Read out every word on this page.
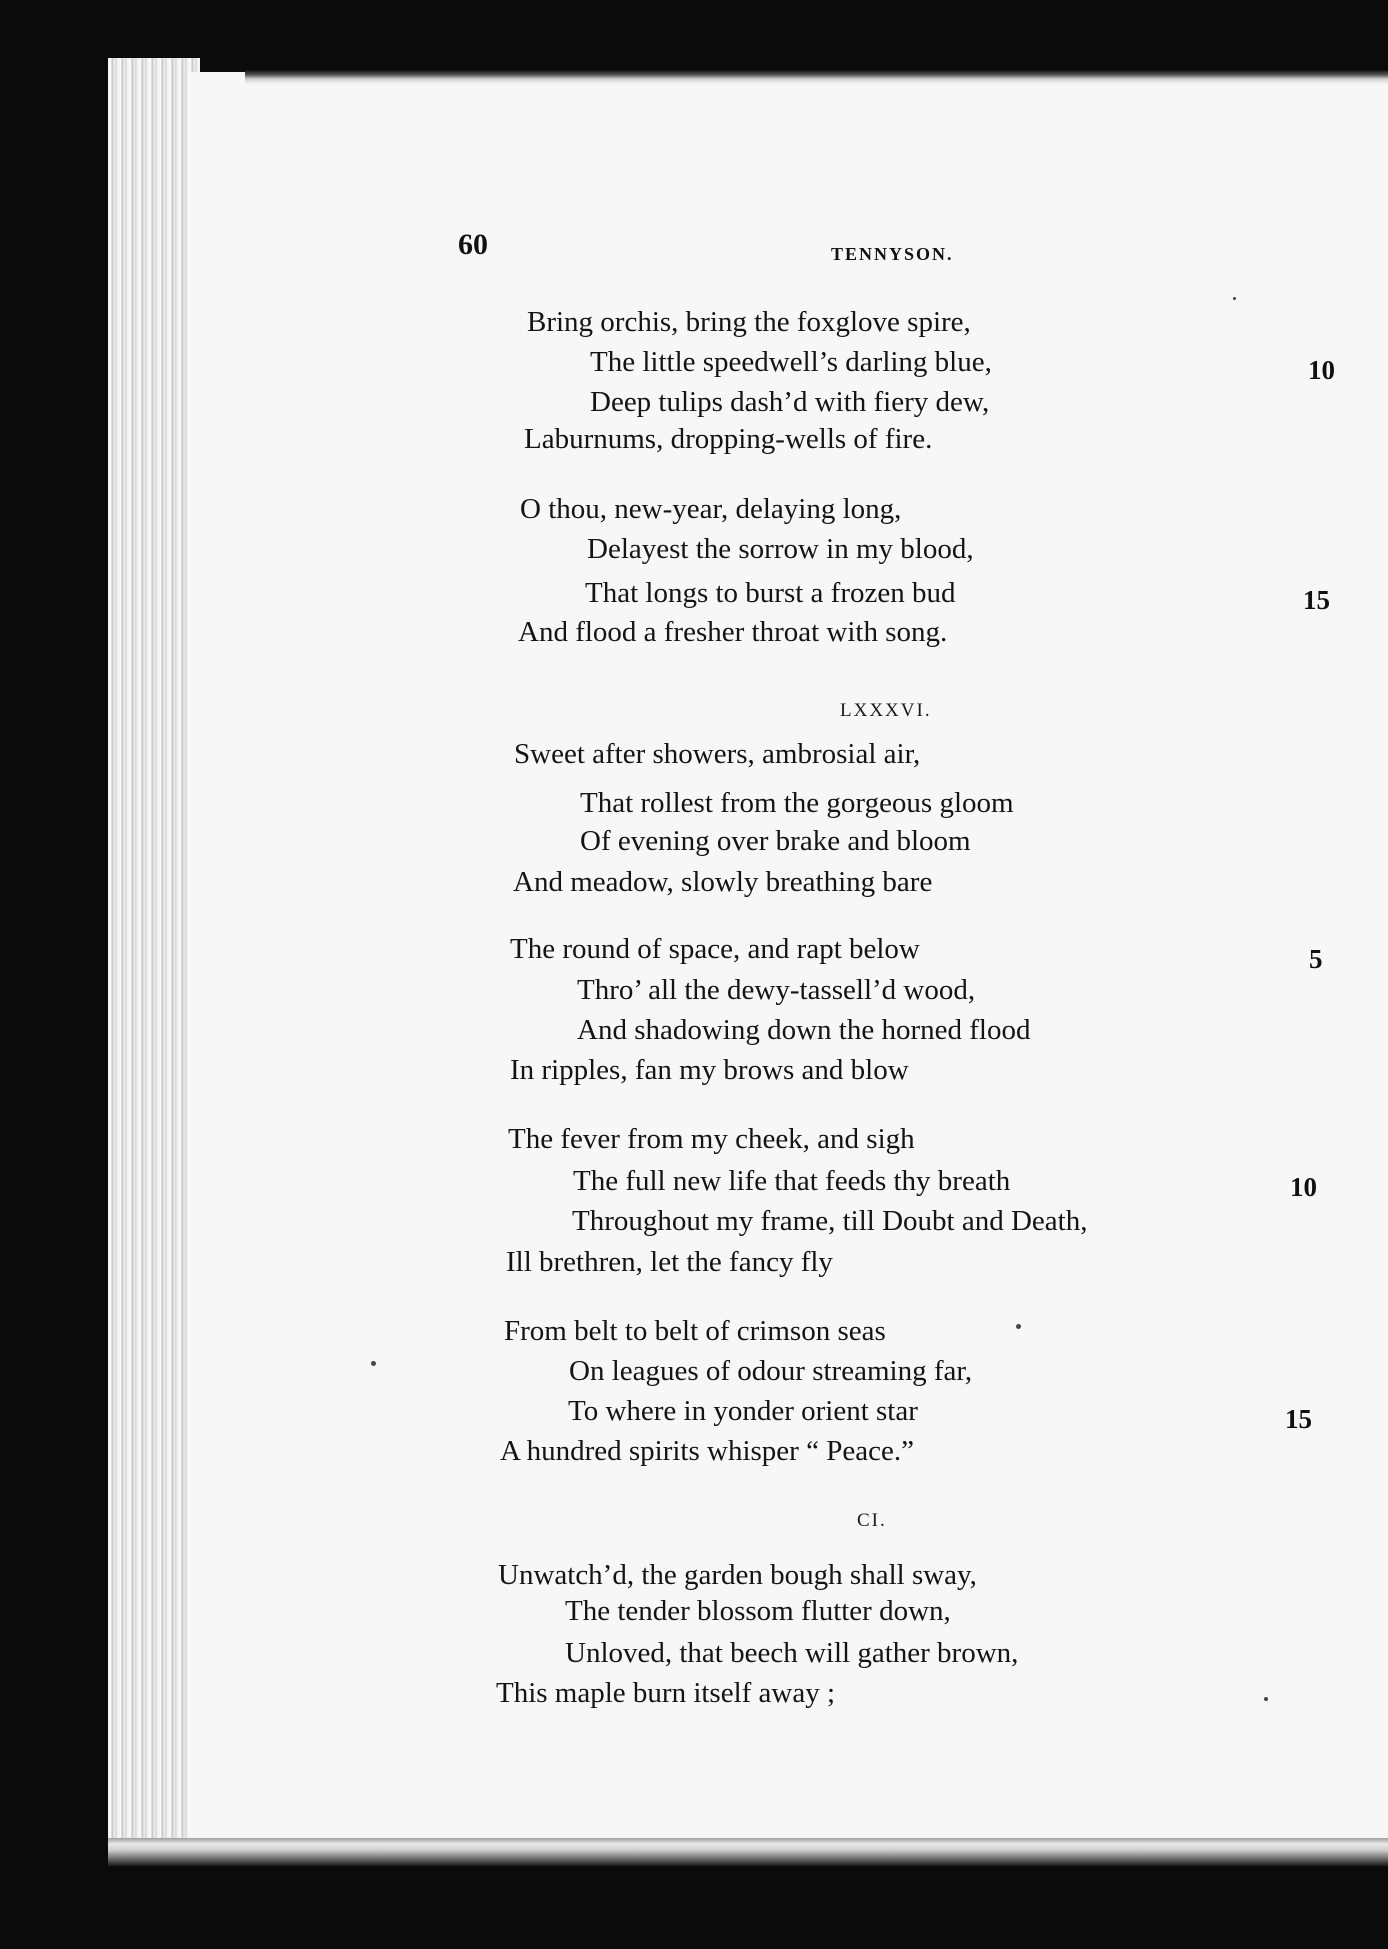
60	TENNYSON.
Bring orchis, bring the foxglove spire,
The little speedwell’s darling blue,
Deep tulips dash’d with fiery dew,
Laburnums, dropping-wells of fire.
10
O thou, new-year, delaying long,
Delayest the sorrow in my blood,
That longs to burst a frozen bud
And flood a fresher throat with song.
15
LXXXVI.
Sweet after showers, ambrosial air,
That rollest from the gorgeous gloom
Of evening over brake and bloom
And meadow, slowly breathing bare
The round of space, and rapt below
Thro’ all the dewy-tassell’d wood,
And shadowing down the horned flood
In ripples, fan my brows and blow
5
The fever from my cheek, and sigh
The full new life that feeds thy breath
Throughout my frame, till Doubt and Death,
Ill brethren, let the fancy fly
10
From belt to belt of crimson seas
On leagues of odour streaming far,
To where in yonder orient star
A hundred spirits whisper “ Peace.”
15
CI.
Unwatch’d, the garden bough shall sway,
The tender blossom flutter down,
Unloved, that beech will gather brown,
This maple burn itself away ;
